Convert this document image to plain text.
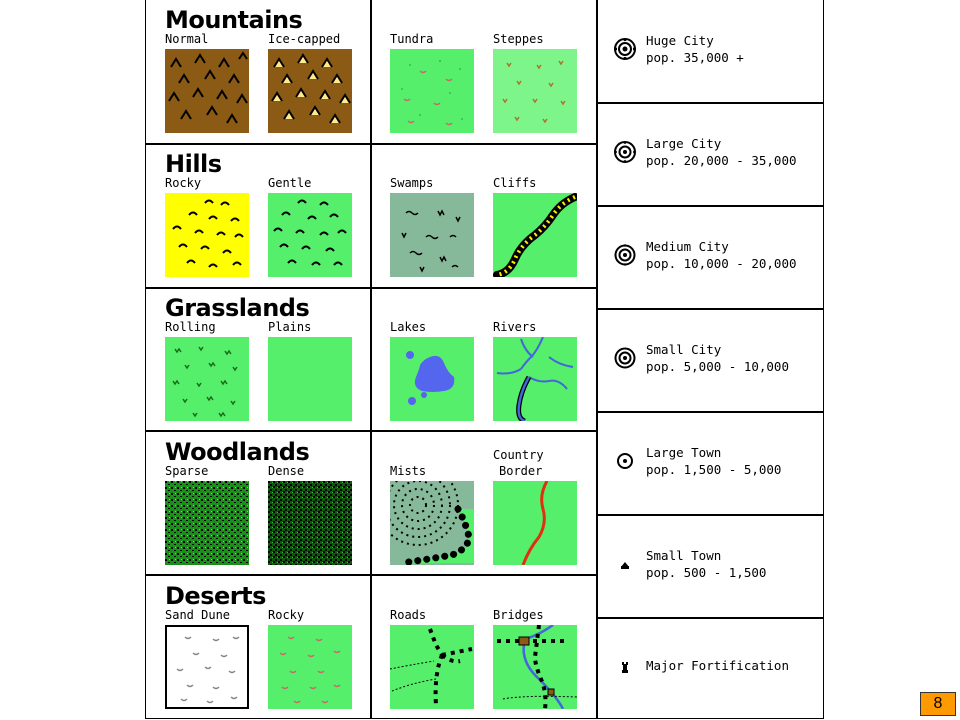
Mountains
Normal	Ice-capped
Hills
Rocky	Gentle
Grasslands
Rolling	Plains
Woodlands
Sparse	Dense
Deserts
Sand Dune	Rocky
Tundra	Steppes
Swamps	Cliffs
Lakes	Rivers
Mists
Country
Border
Roads	Bridges
Huge City
pop. 35,000 +
Large City
pop. 20,000 - 35,000
Medium City
pop. 10,000 - 20,000
Small City
pop. 5,000 - 10,000
Large Town
pop. 1,500 - 5,000
Small Town
pop. 500 - 1,500
Major Fortification
8
